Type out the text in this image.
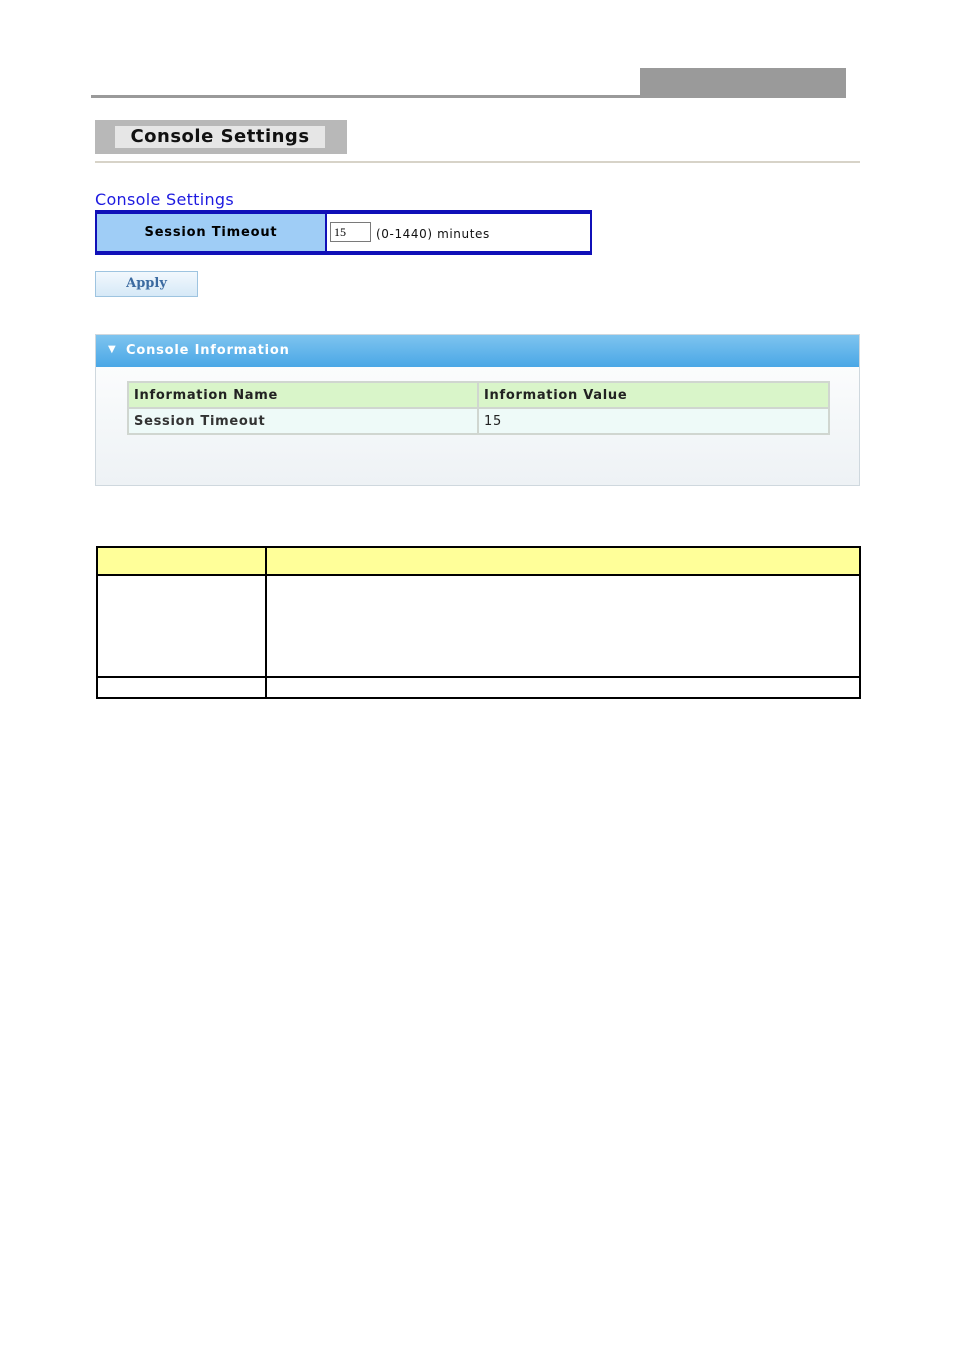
Console Settings
Console Settings
Session Timeout
15	(0-1440) minutes
Apply
▼ Console Information
Information Name	Information Value
Session Timeout	15
